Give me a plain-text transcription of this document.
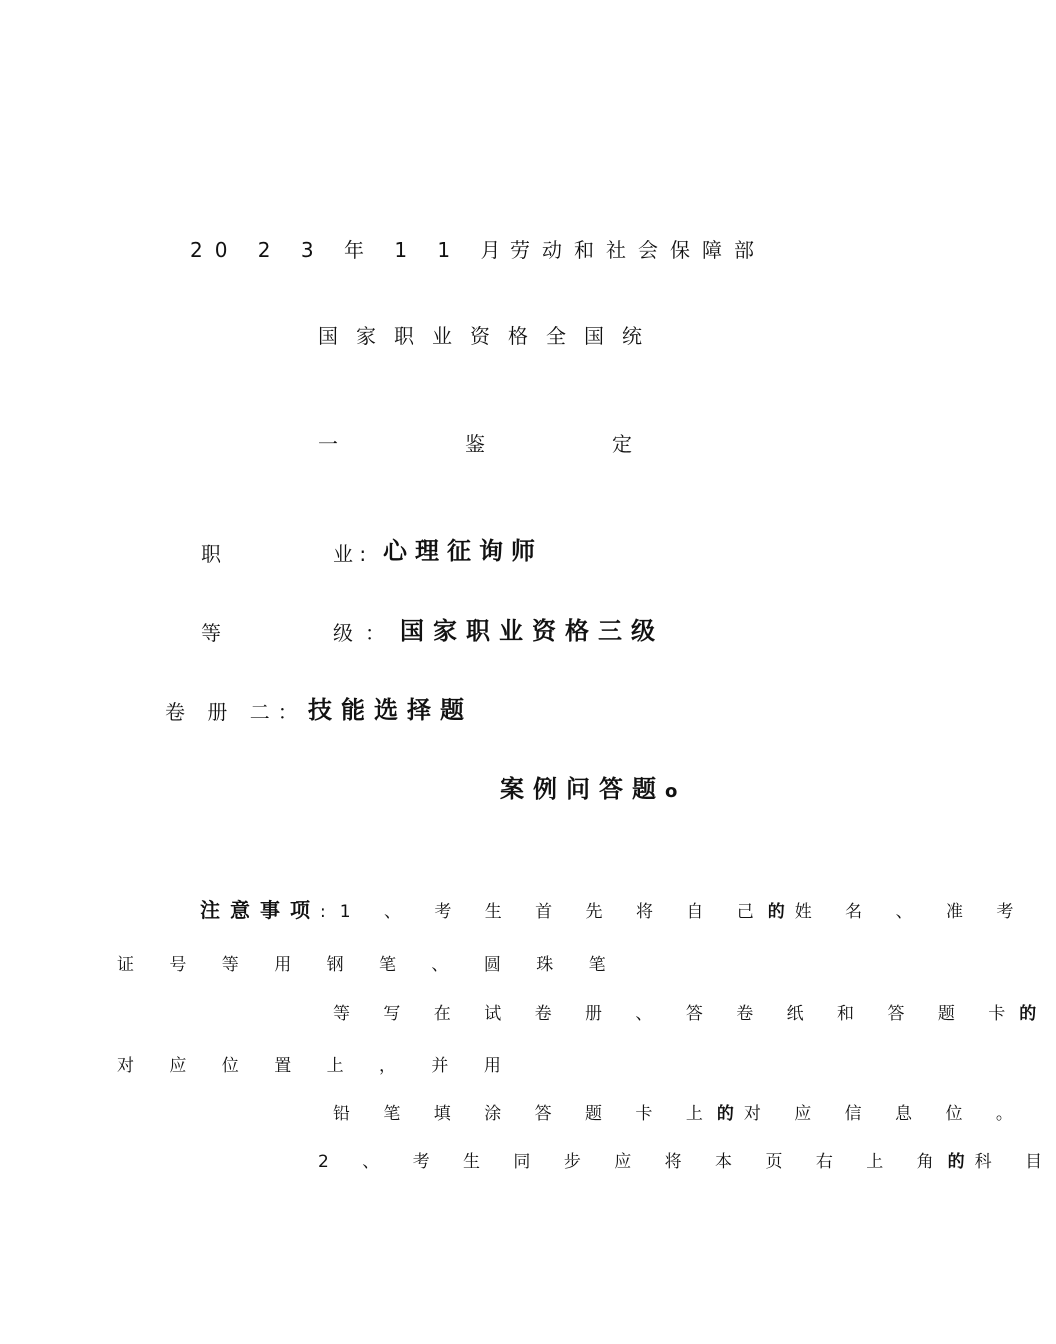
20 2 3 年 1 1 月
劳动和社会保障部
国家职业资格全国统
一	鉴	定
职	业 : 心理征询师
等	级： 国家职业资格三级
卷 册 二： 技能选择题
案例问答题o
注意事项:1 、 考 生 首 先 将 自 己的姓 名 、 准 考
证 号 等 用 钢 笔 、 圆 珠 笔
等 写 在 试 卷 册 、 答 卷 纸 和 答 题 卡的
对 应 位 置 上 ， 并 用
铅 笔 填 涂 答 题 卡 上的对 应 信 息 位 。
2 、 考 生 同 步 应 将 本 页 右 上 角的科 目
